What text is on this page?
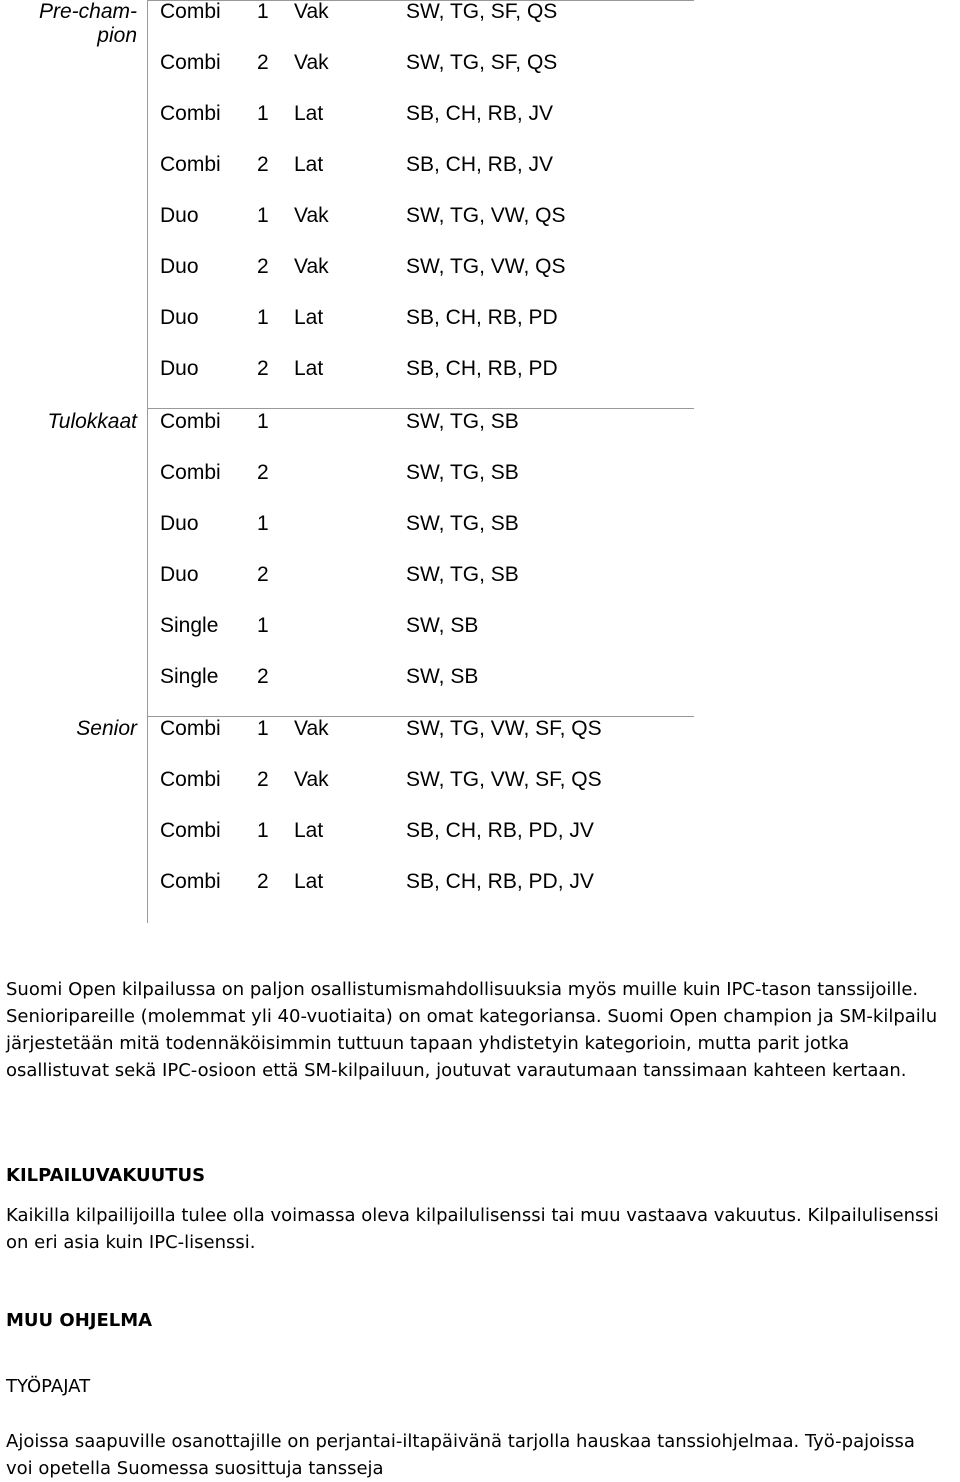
Pre-cham-
pion
Combi 1 Vak	SW, TG, SF, QS
Combi 2 Vak	SW, TG, SF, QS
Combi 1 Lat	SB, CH, RB, JV
Combi 2 Lat	SB, CH, RB, JV
Duo	1 Vak	SW, TG, VW, QS
Duo	2 Vak	SW, TG, VW, QS
Duo	1 Lat	SB, CH, RB, PD
Duo	2 Lat	SB, CH, RB, PD
Tulokkaat Combi 1	SW, TG, SB
Combi 2	SW, TG, SB
Duo	1	SW, TG, SB
Duo	2	SW, TG, SB
Single 1	SW, SB
Single 2	SW, SB
Senior Combi 1 Vak	SW, TG, VW, SF, QS
Combi 2 Vak	SW, TG, VW, SF, QS
Combi 1 Lat	SB, CH, RB, PD, JV
Combi 2 Lat	SB, CH, RB, PD, JV
Suomi Open kilpailussa on paljon osallistumismahdollisuuksia myös muille kuin IPC-tason tanssijoille. Senioripareille (molemmat yli 40-vuotiaita) on omat kategoriansa. Suomi Open champion ja SM-kilpailu järjestetään mitä todennäköisimmin tuttuun tapaan yhdistetyin kategorioin, mutta parit jotka osallistuvat sekä IPC-osioon että SM-kilpailuun, joutuvat varautumaan tanssimaan kahteen kertaan.
KILPAILUVAKUUTUS
Kaikilla kilpailijoilla tulee olla voimassa oleva kilpailulisenssi tai muu vastaava vakuutus. Kilpailulisenssi on eri asia kuin IPC-lisenssi.
MUU OHJELMA
TYÖPAJAT
Ajoissa saapuville osanottajille on perjantai-iltapäivänä tarjolla hauskaa tanssiohjelmaa. Työ-pajoissa voi opetella Suomessa suosittuja tansseja
